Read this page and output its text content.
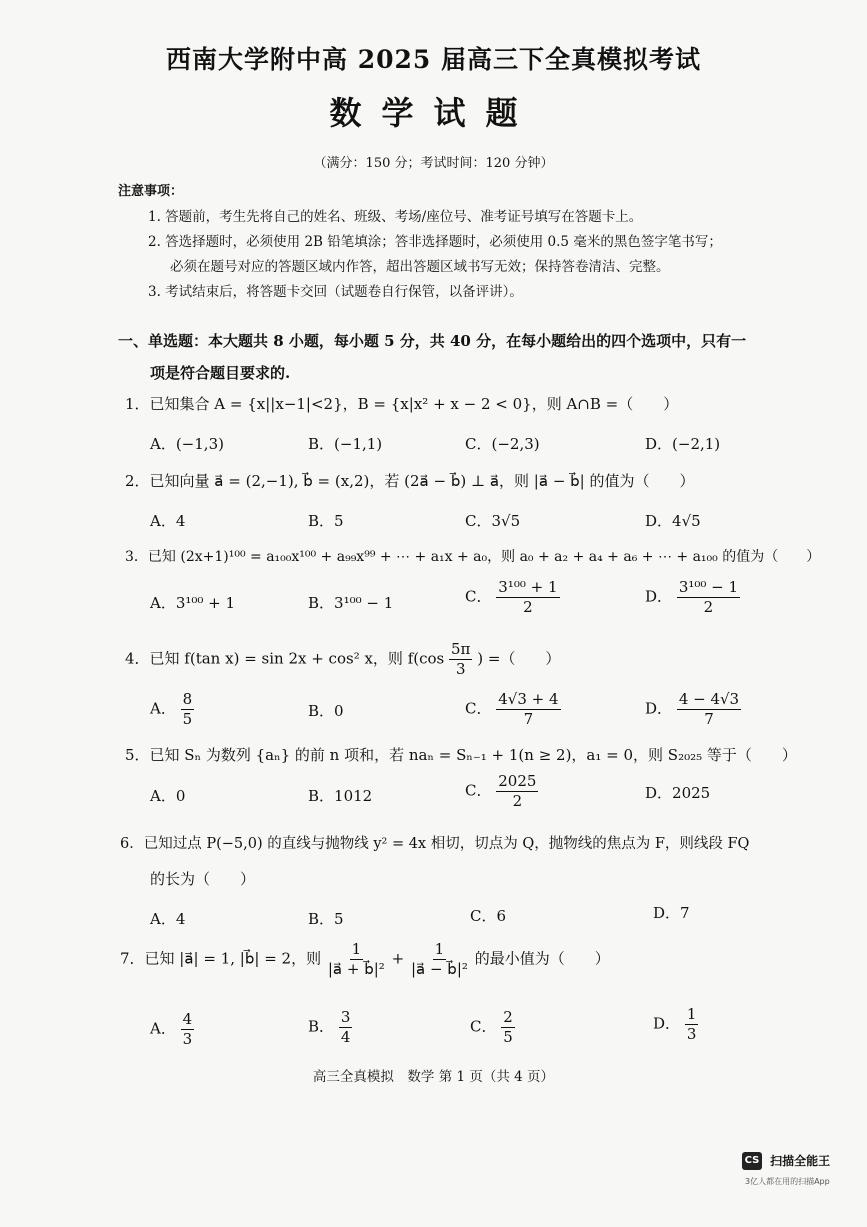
西南大学附中高 2025 届高三下全真模拟考试
数学试题
（满分：150 分；考试时间：120 分钟）
注意事项：
1. 答题前，考生先将自己的姓名、班级、考场/座位号、准考证号填写在答题卡上。
2. 答选择题时，必须使用 2B 铅笔填涂；答非选择题时，必须使用 0.5 毫米的黑色签字笔书写；
必须在题号对应的答题区域内作答，超出答题区域书写无效；保持答卷清洁、完整。
3. 考试结束后，将答题卡交回（试题卷自行保管，以备评讲）。
一、单选题：本大题共 8 小题，每小题 5 分，共 40 分，在每小题给出的四个选项中，只有一
项是符合题目要求的.
1．已知集合 A = {x||x−1|<2}，B = {x|x² + x − 2 < 0}，则 A∩B =（　　）
A．(−1,3)	B．(−1,1)	C．(−2,3)	D．(−2,1)
2．已知向量 a⃗ = (2,−1), b⃗ = (x,2)，若 (2a⃗ − b⃗) ⊥ a⃗，则 |a⃗ − b⃗| 的值为（　　）
A．4	B．5	C．3√5	D．4√5
3．已知 (2x+1)¹⁰⁰ = a₁₀₀x¹⁰⁰ + a₉₉x⁹⁹ + ⋯ + a₁x + a₀，则 a₀ + a₂ + a₄ + a₆ + ⋯ + a₁₀₀ 的值为（　　）
A．3¹⁰⁰ + 1	B．3¹⁰⁰ − 1	C． $\frac{\text{3¹⁰⁰ + 1}}{2}$	D． $\frac{\text{3¹⁰⁰ − 1}}{2}$
4．已知 f(tan x) = sin 2x + cos² x，则 $f(\cos \frac{5\pi}{3}$ ) =（　　）
A． $\frac{8}{5}$	B．0	C． $\frac{4√3 + 4}{7}$	D． $\frac{4 - 4√3}{7}$
5．已知 Sₙ 为数列 {aₙ} 的前 n 项和，若 naₙ = Sₙ₋₁ + 1(n ≥ 2)，a₁ = 0，则 S₂₀₂₅ 等于（　　）
A．0	B．1012	C． $\frac{2025}{2}$	D．2025
6．已知过点 P(−5,0) 的直线与抛物线 y² = 4x 相切，切点为 Q，抛物线的焦点为 F，则线段 FQ
的长为（　　）
A．4	B．5	C．6	D．7
7．已知 |a⃗| = 1, |b⃗| = 2，则 $\frac{1}{\text{|a⃗ + b⃗|²}} + \frac{1}{\text{|a⃗ − b⃗|²}}$ 的最小值为（　　）
A． $\frac{4}{3}$	B． $\frac{3}{4}$	C． $\frac{2}{5}$	D． $\frac{1}{3}$
高三全真模拟　数学 第 1 页（共 4 页）
CS 扫描全能王
3亿人都在用的扫描App
